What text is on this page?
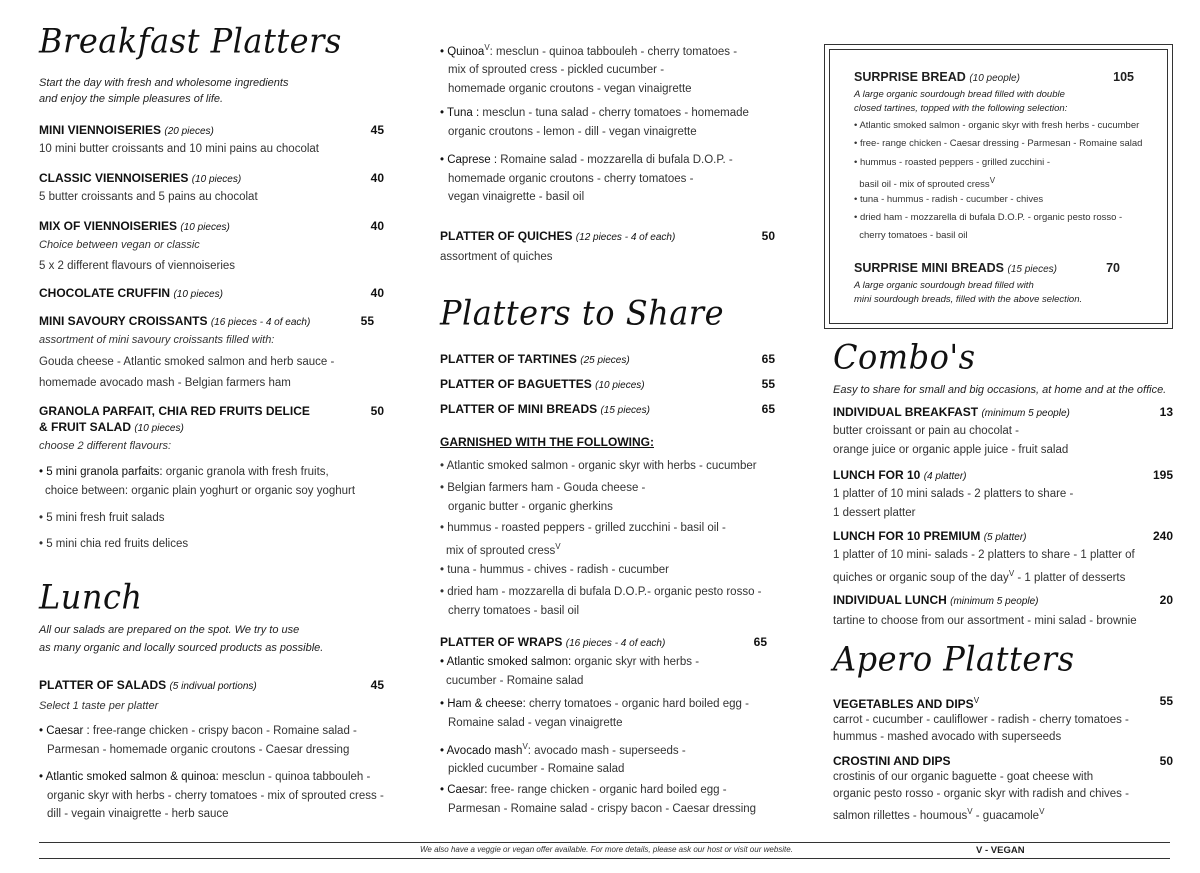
Breakfast Platters
Start the day with fresh and wholesome ingredients
and enjoy the simple pleasures of life.
MINI VIENNOISERIES (20 pieces)	45
10 mini butter croissants and 10 mini pains au chocolat
CLASSIC VIENNOISERIES (10 pieces)	40
5 butter croissants and 5 pains au chocolat
MIX OF VIENNOISERIES (10 pieces)	40
Choice between vegan or classic
5 x 2 different flavours of viennoiseries
CHOCOLATE CRUFFIN (10 pieces)	40
MINI SAVOURY CROISSANTS (16 pieces - 4 of each)	55
assortment of mini savoury croissants filled with:
Gouda cheese - Atlantic smoked salmon and herb sauce -
homemade avocado mash - Belgian farmers ham
GRANOLA PARFAIT, CHIA RED FRUITS DELICE	50
& FRUIT SALAD (10 pieces)
choose 2 different flavours:
• 5 mini granola parfaits: organic granola with fresh fruits,
choice between: organic plain yoghurt or organic soy yoghurt
• 5 mini fresh fruit salads
• 5 mini chia red fruits delices
Lunch
All our salads are prepared on the spot. We try to use
as many organic and locally sourced products as possible.
PLATTER OF SALADS (5 indivual portions)	45
Select 1 taste per platter
• Caesar : free-range chicken - crispy bacon - Romaine salad -
Parmesan - homemade organic croutons - Caesar dressing
• Atlantic smoked salmon & quinoa: mesclun - quinoa tabbouleh -
organic skyr with herbs - cherry tomatoes - mix of sprouted cress -
dill - vegain vinaigrette - herb sauce
• Quinoa$^V$: mesclun - quinoa tabbouleh - cherry tomatoes -
mix of sprouted cress - pickled cucumber -
homemade organic croutons - vegan vinaigrette
• Tuna : mesclun - tuna salad - cherry tomatoes - homemade
organic croutons - lemon - dill - vegan vinaigrette
• Caprese : Romaine salad - mozzarella di bufala D.O.P. -
homemade organic croutons - cherry tomatoes -
vegan vinaigrette - basil oil
PLATTER OF QUICHES (12 pieces - 4 of each)	50
assortment of quiches
Platters to Share
PLATTER OF TARTINES (25 pieces)	65
PLATTER OF BAGUETTES (10 pieces)	55
PLATTER OF MINI BREADS (15 pieces)	65
GARNISHED WITH THE FOLLOWING:
• Atlantic smoked salmon - organic skyr with herbs - cucumber
• Belgian farmers ham - Gouda cheese -
organic butter - organic gherkins
• hummus - roasted peppers - grilled zucchini - basil oil -
mix of sprouted cress$^V$
• tuna - hummus - chives - radish - cucumber
• dried ham - mozzarella di bufala D.O.P.- organic pesto rosso -
cherry tomatoes - basil oil
PLATTER OF WRAPS (16 pieces - 4 of each)	65
• Atlantic smoked salmon: organic skyr with herbs -
cucumber - Romaine salad
• Ham & cheese: cherry tomatoes - organic hard boiled egg -
Romaine salad - vegan vinaigrette
• Avocado mash$^V$: avocado mash - superseeds -
pickled cucumber - Romaine salad
• Caesar: free- range chicken - organic hard boiled egg -
Parmesan - Romaine salad - crispy bacon - Caesar dressing
SURPRISE BREAD (10 people)	105
A large organic sourdough bread filled with double
closed tartines, topped with the following selection:
• Atlantic smoked salmon - organic skyr with fresh herbs - cucumber
• free- range chicken - Caesar dressing - Parmesan - Romaine salad
• hummus - roasted peppers - grilled zucchini -
basil oil - mix of sprouted cress$^V$
• tuna - hummus - radish - cucumber - chives
• dried ham - mozzarella di bufala D.O.P. - organic pesto rosso -
cherry tomatoes - basil oil
SURPRISE MINI BREADS (15 pieces)	70
A large organic sourdough bread filled with
mini sourdough breads, filled with the above selection.
Combo's
Easy to share for small and big occasions, at home and at the office.
INDIVIDUAL BREAKFAST (minimum 5 people)	13
butter croissant or pain au chocolat -
orange juice or organic apple juice - fruit salad
LUNCH FOR 10 (4 platter)	195
1 platter of 10 mini salads - 2 platters to share -
1 dessert platter
LUNCH FOR 10 PREMIUM (5 platter)	240
1 platter of 10 mini- salads - 2 platters to share - 1 platter of
quiches or organic soup of the day$^V$ - 1 platter of desserts
INDIVIDUAL LUNCH (minimum 5 people)	20
tartine to choose from our assortment - mini salad - brownie
Apero Platters
VEGETABLES AND $DIPS^V$	55
carrot - cucumber - cauliflower - radish - cherry tomatoes -
hummus - mashed avocado with superseeds
CROSTINI AND DIPS	50
crostinis of our organic baguette - goat cheese with
organic pesto rosso - organic skyr with radish and chives -
salmon rillettes - houmous$^V$ - guacamole$^V$
We also have a veggie or vegan offer available. For more details, please ask our host or visit our website.	V - VEGAN
